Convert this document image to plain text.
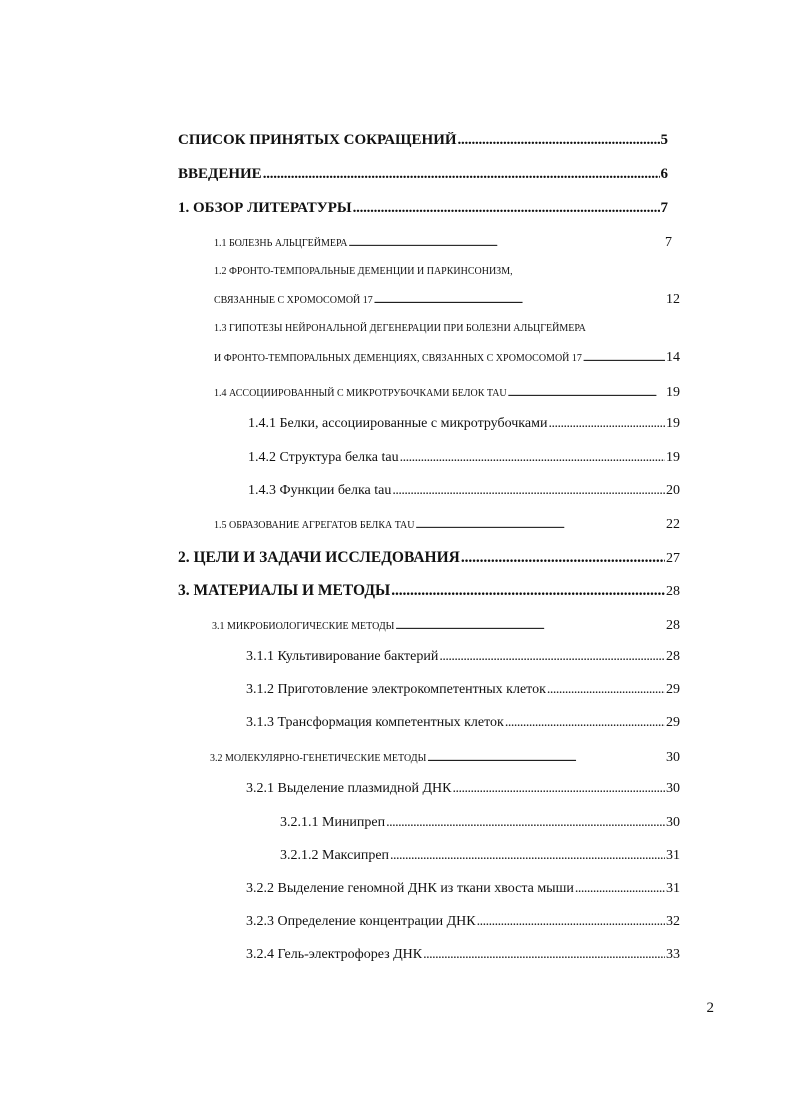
СПИСОК ПРИНЯТЫХ СОКРАЩЕНИЙ . . .	5
ВВЕДЕНИЕ . . .	6
1. ОБЗОР ЛИТЕРАТУРЫ . . .	7
1.1 БОЛЕЗНЬ АЛЬЦГЕЙМЕРА . . .	7
1.2 ФРОНТО-ТЕМПОРАЛЬНЫЕ ДЕМЕНЦИИ И ПАРКИНСОНИЗМ,
СВЯЗАННЫЕ С ХРОМОСОМОЙ 17 . . .	12
1.3 ГИПОТЕЗЫ НЕЙРОНАЛЬНОЙ ДЕГЕНЕРАЦИИ ПРИ БОЛЕЗНИ АЛЬЦГЕЙМЕРА
И ФРОНТО-ТЕМПОРАЛЬНЫХ ДЕМЕНЦИЯХ, СВЯЗАННЫХ С ХРОМОСОМОЙ 17 . . .	14
1.4 АССОЦИИРОВАННЫЙ С МИКРОТРУБОЧКАМИ БЕЛОК TAU . . .	19
1.4.1 Белки, ассоциированные с микротрубочками . . .	19
1.4.2 Структура белка tau . . .	19
1.4.3 Функции белка tau . . .	20
1.5 ОБРАЗОВАНИЕ АГРЕГАТОВ БЕЛКА TAU . . .	22
2. ЦЕЛИ И ЗАДАЧИ ИССЛЕДОВАНИЯ . . .	27
3. МАТЕРИАЛЫ И МЕТОДЫ . . .	28
3.1 МИКРОБИОЛОГИЧЕСКИЕ МЕТОДЫ . . .	28
3.1.1 Культивирование бактерий . . .	28
3.1.2 Приготовление электрокомпетентных клеток . . .	29
3.1.3 Трансформация компетентных клеток . . .	29
3.2 МОЛЕКУЛЯРНО-ГЕНЕТИЧЕСКИЕ МЕТОДЫ . . .	30
3.2.1 Выделение плазмидной ДНК . . .	30
3.2.1.1 Минипреп . . .	30
3.2.1.2 Максипреп . . .	31
3.2.2 Выделение геномной ДНК из ткани хвоста мыши . . .	31
3.2.3 Определение концентрации ДНК . . .	32
3.2.4 Гель-электрофорез ДНК . . .	33
2
